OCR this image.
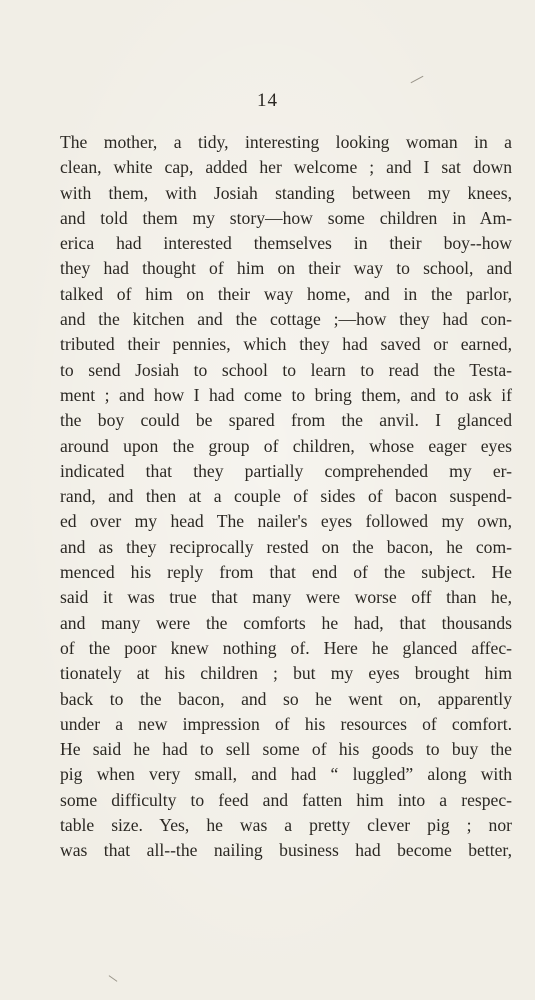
14
The mother, a tidy, interesting looking woman in a
clean, white cap, added her welcome ; and I sat down
with them, with Josiah standing between my knees,
and told them my story—how some children in Am-
erica had interested themselves in their boy--how
they had thought of him on their way to school, and
talked of him on their way home, and in the parlor,
and the kitchen and the cottage ;—how they had con-
tributed their pennies, which they had saved or earned,
to send Josiah to school to learn to read the Testa-
ment ; and how I had come to bring them, and to ask if
the boy could be spared from the anvil. I glanced
around upon the group of children, whose eager eyes
indicated that they partially comprehended my er-
rand, and then at a couple of sides of bacon suspend-
ed over my head The nailer's eyes followed my own,
and as they reciprocally rested on the bacon, he com-
menced his reply from that end of the subject. He
said it was true that many were worse off than he,
and many were the comforts he had, that thousands
of the poor knew nothing of. Here he glanced affec-
tionately at his children ; but my eyes brought him
back to the bacon, and so he went on, apparently
under a new impression of his resources of comfort.
He said he had to sell some of his goods to buy the
pig when very small, and had “ luggled” along with
some difficulty to feed and fatten him into a respec-
table size. Yes, he was a pretty clever pig ; nor
was that all--the nailing business had become better,
